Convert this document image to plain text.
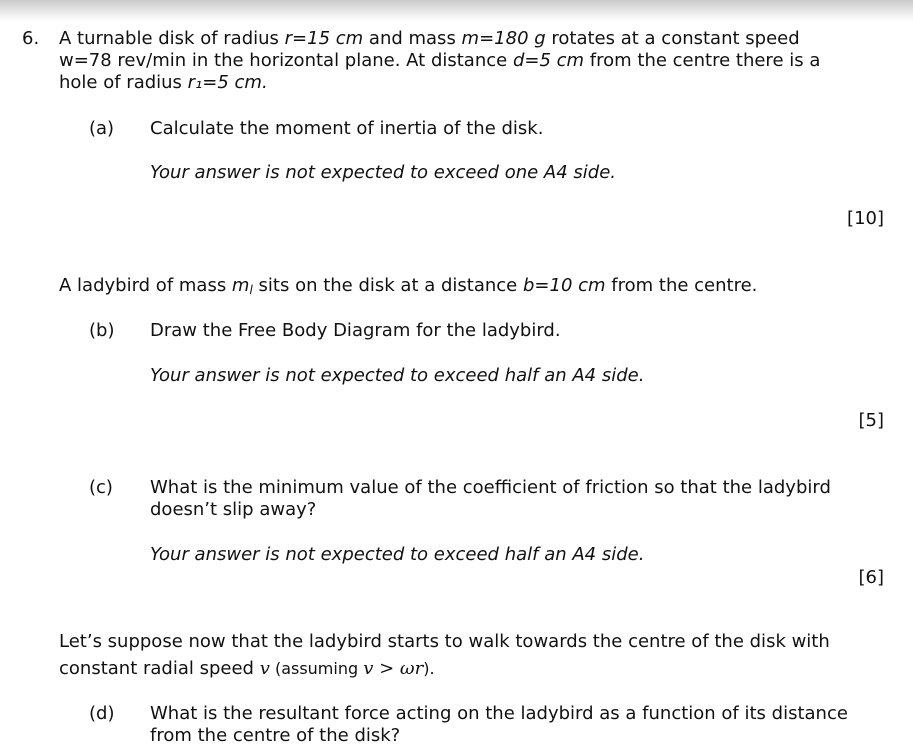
6. A turnable disk of radius r=15 cm and mass m=180 g rotates at a constant speed
w=78 rev/min in the horizontal plane. At distance d=5 cm from the centre there is a
hole of radius r₁=5 cm.
(a) Calculate the moment of inertia of the disk.
Your answer is not expected to exceed one A4 side.
[10]
A ladybird of mass $m_l$ sits on the disk at a distance b=10 cm from the centre.
(b) Draw the Free Body Diagram for the ladybird.
Your answer is not expected to exceed half an A4 side.
[5]
(c) What is the minimum value of the coefficient of friction so that the ladybird
doesn’t slip away?
Your answer is not expected to exceed half an A4 side.
[6]
Let’s suppose now that the ladybird starts to walk towards the centre of the disk with
constant radial speed v (assuming v > ωr).
(d) What is the resultant force acting on the ladybird as a function of its distance
from the centre of the disk?
